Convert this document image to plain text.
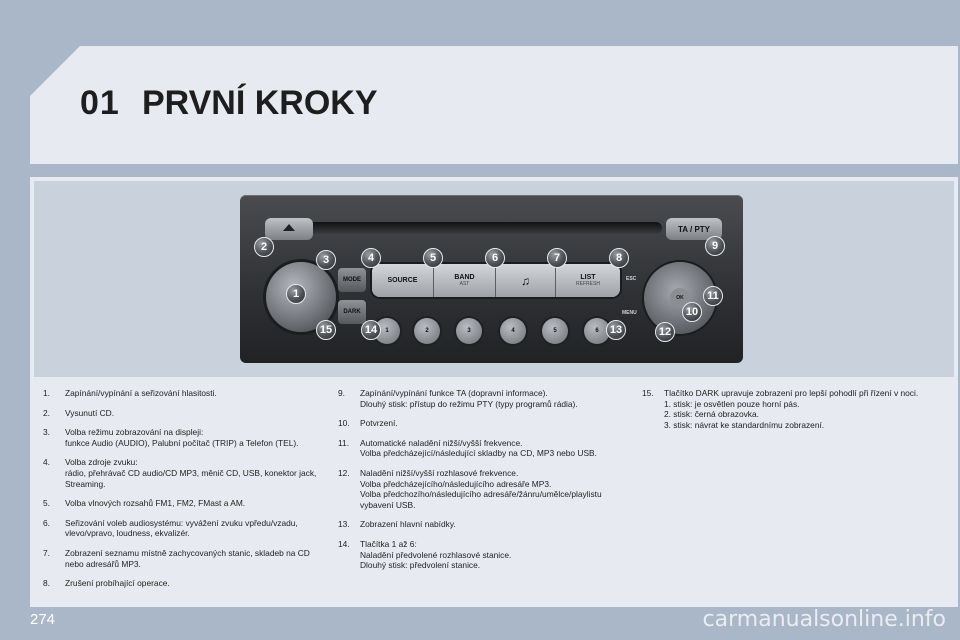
01 PRVNÍ KROKY
TA / PTY
MODE
DARK
SOURCE	BAND
AST	♫	LIST
REFRESH
ESC
MENU
OK
1	2	3	4	5	6
1
2
3	4	5	6	7	8
9
10
11
12
13
14
15
1.	Zapínání/vypínání a seřizování hlasitosti.
2.	Vysunutí CD.
3.	Volba režimu zobrazování na displeji:
funkce Audio (AUDIO), Palubní počítač (TRIP) a Telefon (TEL).
4.	Volba zdroje zvuku:
rádio, přehrávač CD audio/CD MP3, měnič CD, USB, konektor jack, Streaming.
5.	Volba vlnových rozsahů FM1, FM2, FMast a AM.
6.	Seřizování voleb audiosystému: vyvážení zvuku vpředu/vzadu, vlevo/vpravo, loudness, ekvalizér.
7.	Zobrazení seznamu místně zachycovaných stanic, skladeb na CD nebo adresářů MP3.
8.	Zrušení probíhající operace.
9.	Zapínání/vypínání funkce TA (dopravní informace).
Dlouhý stisk: přístup do režimu PTY (typy programů rádia).
10.	Potvrzení.
11.	Automatické naladění nižší/vyšší frekvence.
Volba předcházející/následující skladby na CD, MP3 nebo USB.
12.	Naladění nižší/vyšší rozhlasové frekvence.
Volba předcházejícího/následujícího adresáře MP3.
Volba předchozího/následujícího adresáře/žánru/umělce/playlistu vybavení USB.
13.	Zobrazení hlavní nabídky.
14.	Tlačítka 1 až 6:
Naladění předvolené rozhlasové stanice.
Dlouhý stisk: předvolení stanice.
15.	Tlačítko DARK upravuje zobrazení pro lepší pohodlí při řízení v noci.
1. stisk: je osvětlen pouze horní pás.
2. stisk: černá obrazovka.
3. stisk: návrat ke standardnímu zobrazení.
274	carmanualsonline.info
